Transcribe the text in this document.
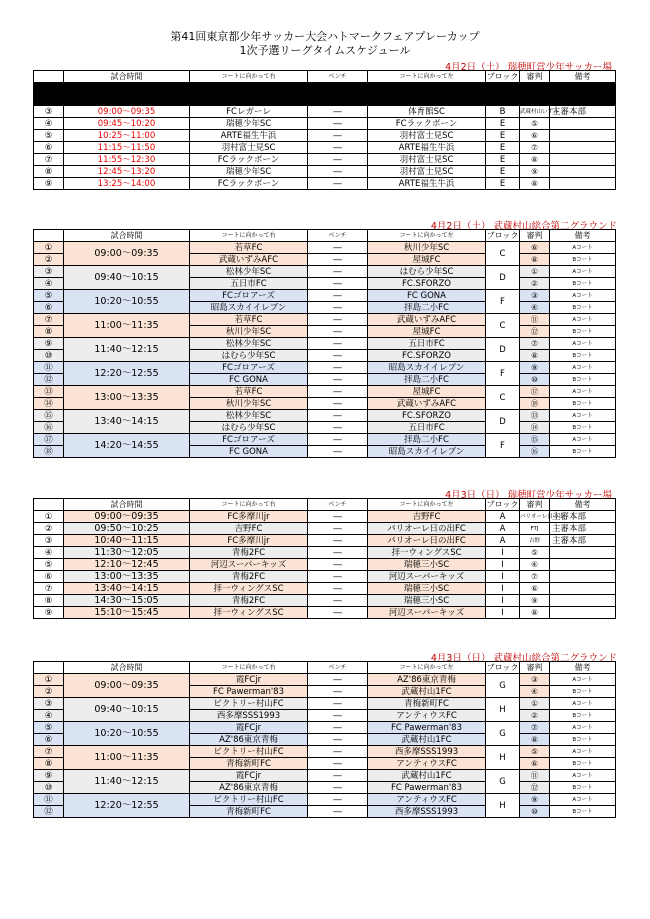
第41回東京都少年サッカー大会ハトマークフェアプレーカップ
1次予選リーグタイムスケジュール
4月2日（土） 瑞穂町営少年サッカー場
	試合時間	コートに向かって右	ベンチ	コートに向かって左	ブロック	審判	備考

③	09:00～09:35	FCレガーレ	―	体育館SC	B	武蔵村山いずみ	主審本部
④	09:45～10:20	瑞穂少年SC	―	FCラックボーン	E	⑤	
⑤	10:25～11:00	ARTE福生牛浜	―	羽村富士見SC	E	⑥	
⑥	11:15～11:50	羽村富士見SC	―	ARTE福生牛浜	E	⑦	
⑦	11:55～12:30	FCラックボーン	―	羽村富士見SC	E	⑧	
⑧	12:45～13:20	瑞穂少年SC	―	羽村富士見SC	E	⑨	
⑨	13:25～14:00	FCラックボーン	―	ARTE福生牛浜	E	⑧	
4月2日（土） 武蔵村山総合第二グラウンド
	試合時間	コートに向かって右	ベンチ	コートに向かって左	ブロック	審判	備考
①	09:00～09:35	若草FC	―	秋川少年SC	C	⑥	Aコート
②		武蔵いずみAFC	―	屋城FC		⑧	Bコート
③	09:40～10:15	松林少年SC	―	はむら少年SC	D	①	Aコート
④		五日市FC	―	FC.SFORZO		②	Bコート
⑤	10:20～10:55	FCゴロアーズ	―	FC GONA	F	③	Aコート
⑥		昭島スカイイレブン	―	拝島二小FC		④	Bコート
⑦	11:00～11:35	若草FC	―	武蔵いずみAFC	C	⑪	Aコート
⑧		秋川少年SC	―	屋城FC		⑫	Bコート
⑨	11:40～12:15	松林少年SC	―	五日市FC	D	⑦	Aコート
⑩		はむら少年SC	―	FC.SFORZO		⑧	Bコート
⑪	12:20～12:55	FCゴロアーズ	―	昭島スカイイレブン	F	⑨	Aコート
⑫		FC GONA	―	拝島二小FC		⑩	Bコート
⑬	13:00～13:35	若草FC	―	屋城FC	C	⑰	Aコート
⑭		秋川少年SC	―	武蔵いずみAFC		⑱	Bコート
⑮	13:40～14:15	松林少年SC	―	FC.SFORZO	D	⑬	Aコート
⑯		はむら少年SC	―	五日市FC		⑭	Bコート
⑰	14:20～14:55	FCゴロアーズ	―	拝島二小FC	F	⑮	Aコート
⑱		FC GONA	―	昭島スカイイレブン		⑯	Bコート
4月3日（日） 瑞穂町営少年サッカー場
	試合時間	コートに向かって右	ベンチ	コートに向かって左	ブロック	審判	備考
①	09:00～09:35	FC多摩川jr	―	吉野FC	A	パリオーレ日の出	主審本部
②	09:50～10:25	吉野FC	―	パリオーレ日の出FC	A	FTJ	主審本部
③	10:40～11:15	FC多摩川jr	―	パリオーレ日の出FC	A	吉野	主審本部
④	11:30～12:05	青梅2FC	―	拝一ウィングスSC	I	⑤	
⑤	12:10～12:45	河辺スーパーキッズ	―	瑞穂三小SC	I	④	
⑥	13:00～13:35	青梅2FC	―	河辺スーパーキッズ	I	⑦	
⑦	13:40～14:15	拝一ウィングスSC	―	瑞穂三小SC	I	⑥	
⑧	14:30～15:05	青梅2FC	―	瑞穂三小SC	I	⑨	
⑨	15:10～15:45	拝一ウィングスSC	―	河辺スーパーキッズ	I	⑧	
4月3日（日） 武蔵村山総合第二グラウンド
	試合時間	コートに向かって右	ベンチ	コートに向かって左	ブロック	審判	備考
①	09:00～09:35	霞FCjr	―	AZ'86東京青梅	G	③	Aコート
②		FC Pawerman'83	―	武蔵村山1FC		④	Bコート
③	09:40～10:15	ビクトリー村山FC	―	青梅新町FC	H	①	Aコート
④		西多摩SSS1993	―	アンティウスFC		②	Bコート
⑤	10:20～10:55	霞FCjr	―	FC Pawerman'83	G	⑦	Aコート
⑥		AZ'86東京青梅	―	武蔵村山1FC		⑧	Bコート
⑦	11:00～11:35	ビクトリー村山FC	―	西多摩SSS1993	H	⑤	Aコート
⑧		青梅新町FC	―	アンティウスFC		⑥	Bコート
⑨	11:40～12:15	霞FCjr	―	武蔵村山1FC	G	⑪	Aコート
⑩		AZ'86東京青梅	―	FC Pawerman'83		⑫	Bコート
⑪	12:20～12:55	ビクトリー村山FC	―	アンティウスFC	H	⑨	Aコート
⑫		青梅新町FC	―	西多摩SSS1993		⑩	Bコート
